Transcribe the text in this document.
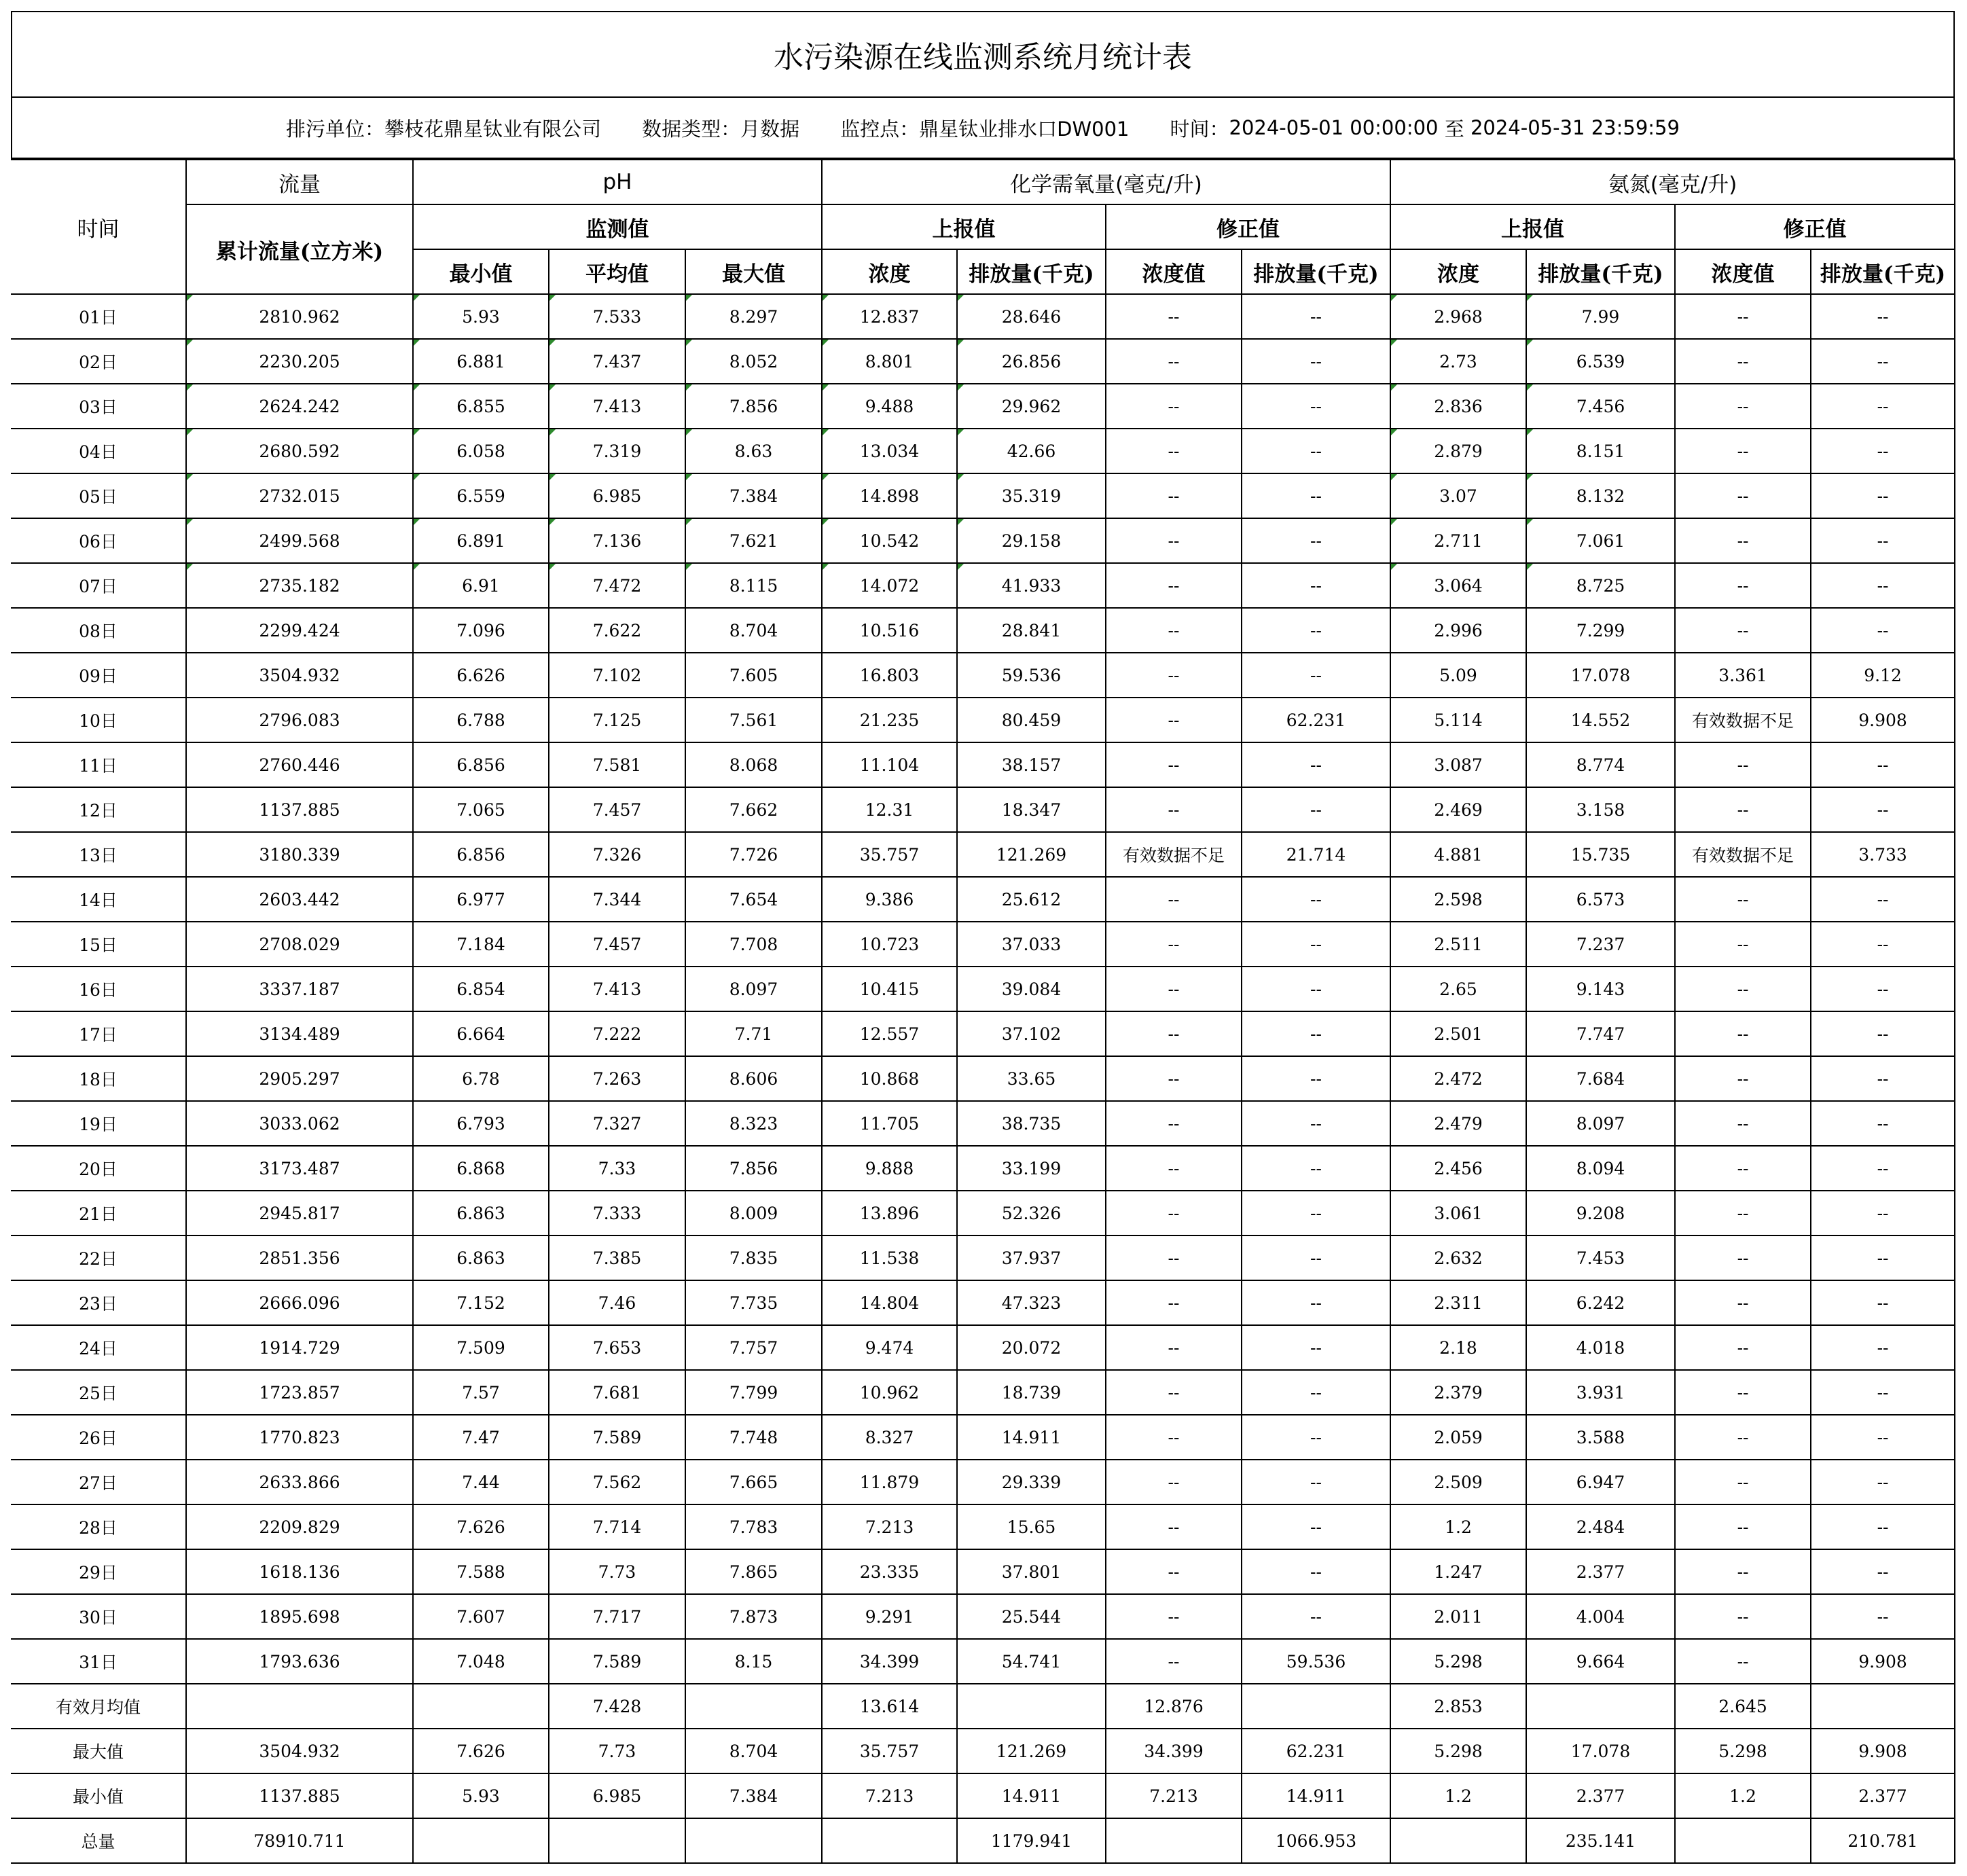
水污染源在线监测系统月统计表
排污单位： 攀枝花鼎星钛业有限公司 数据类型： 月数据 监控点： 鼎星钛业排水口DW001 时间： 2024-05-01 00:00:00
至
2024-05-31 23:59:59
时间	流量	pH			化学需氧量(毫克/升)				氨氮(毫克/升)			
	累计流量(立方米)	监测值			上报值		修正值		上报值		修正值	
		最小值	平均值	最大值	浓度	排放量(千克)	浓度值	排放量(千克)	浓度	排放量(千克)	浓度值	排放量(千克)
01日	2810.962	5.93	7.533	8.297	12.837	28.646	--	--	2.968	7.99	--	--
02日	2230.205	6.881	7.437	8.052	8.801	26.856	--	--	2.73	6.539	--	--
03日	2624.242	6.855	7.413	7.856	9.488	29.962	--	--	2.836	7.456	--	--
04日	2680.592	6.058	7.319	8.63	13.034	42.66	--	--	2.879	8.151	--	--
05日	2732.015	6.559	6.985	7.384	14.898	35.319	--	--	3.07	8.132	--	--
06日	2499.568	6.891	7.136	7.621	10.542	29.158	--	--	2.711	7.061	--	--
07日	2735.182	6.91	7.472	8.115	14.072	41.933	--	--	3.064	8.725	--	--
08日	2299.424	7.096	7.622	8.704	10.516	28.841	--	--	2.996	7.299	--	--
09日	3504.932	6.626	7.102	7.605	16.803	59.536	--	--	5.09	17.078	3.361	9.12
10日	2796.083	6.788	7.125	7.561	21.235	80.459	--	62.231	5.114	14.552	有效数据不足	9.908
11日	2760.446	6.856	7.581	8.068	11.104	38.157	--	--	3.087	8.774	--	--
12日	1137.885	7.065	7.457	7.662	12.31	18.347	--	--	2.469	3.158	--	--
13日	3180.339	6.856	7.326	7.726	35.757	121.269	有效数据不足	21.714	4.881	15.735	有效数据不足	3.733
14日	2603.442	6.977	7.344	7.654	9.386	25.612	--	--	2.598	6.573	--	--
15日	2708.029	7.184	7.457	7.708	10.723	37.033	--	--	2.511	7.237	--	--
16日	3337.187	6.854	7.413	8.097	10.415	39.084	--	--	2.65	9.143	--	--
17日	3134.489	6.664	7.222	7.71	12.557	37.102	--	--	2.501	7.747	--	--
18日	2905.297	6.78	7.263	8.606	10.868	33.65	--	--	2.472	7.684	--	--
19日	3033.062	6.793	7.327	8.323	11.705	38.735	--	--	2.479	8.097	--	--
20日	3173.487	6.868	7.33	7.856	9.888	33.199	--	--	2.456	8.094	--	--
21日	2945.817	6.863	7.333	8.009	13.896	52.326	--	--	3.061	9.208	--	--
22日	2851.356	6.863	7.385	7.835	11.538	37.937	--	--	2.632	7.453	--	--
23日	2666.096	7.152	7.46	7.735	14.804	47.323	--	--	2.311	6.242	--	--
24日	1914.729	7.509	7.653	7.757	9.474	20.072	--	--	2.18	4.018	--	--
25日	1723.857	7.57	7.681	7.799	10.962	18.739	--	--	2.379	3.931	--	--
26日	1770.823	7.47	7.589	7.748	8.327	14.911	--	--	2.059	3.588	--	--
27日	2633.866	7.44	7.562	7.665	11.879	29.339	--	--	2.509	6.947	--	--
28日	2209.829	7.626	7.714	7.783	7.213	15.65	--	--	1.2	2.484	--	--
29日	1618.136	7.588	7.73	7.865	23.335	37.801	--	--	1.247	2.377	--	--
30日	1895.698	7.607	7.717	7.873	9.291	25.544	--	--	2.011	4.004	--	--
31日	1793.636	7.048	7.589	8.15	34.399	54.741	--	59.536	5.298	9.664	--	9.908
有效月均值			7.428		13.614		12.876		2.853		2.645	
最大值	3504.932	7.626	7.73	8.704	35.757	121.269	34.399	62.231	5.298	17.078	5.298	9.908
最小值	1137.885	5.93	6.985	7.384	7.213	14.911	7.213	14.911	1.2	2.377	1.2	2.377
总量	78910.711					1179.941		1066.953		235.141		210.781
